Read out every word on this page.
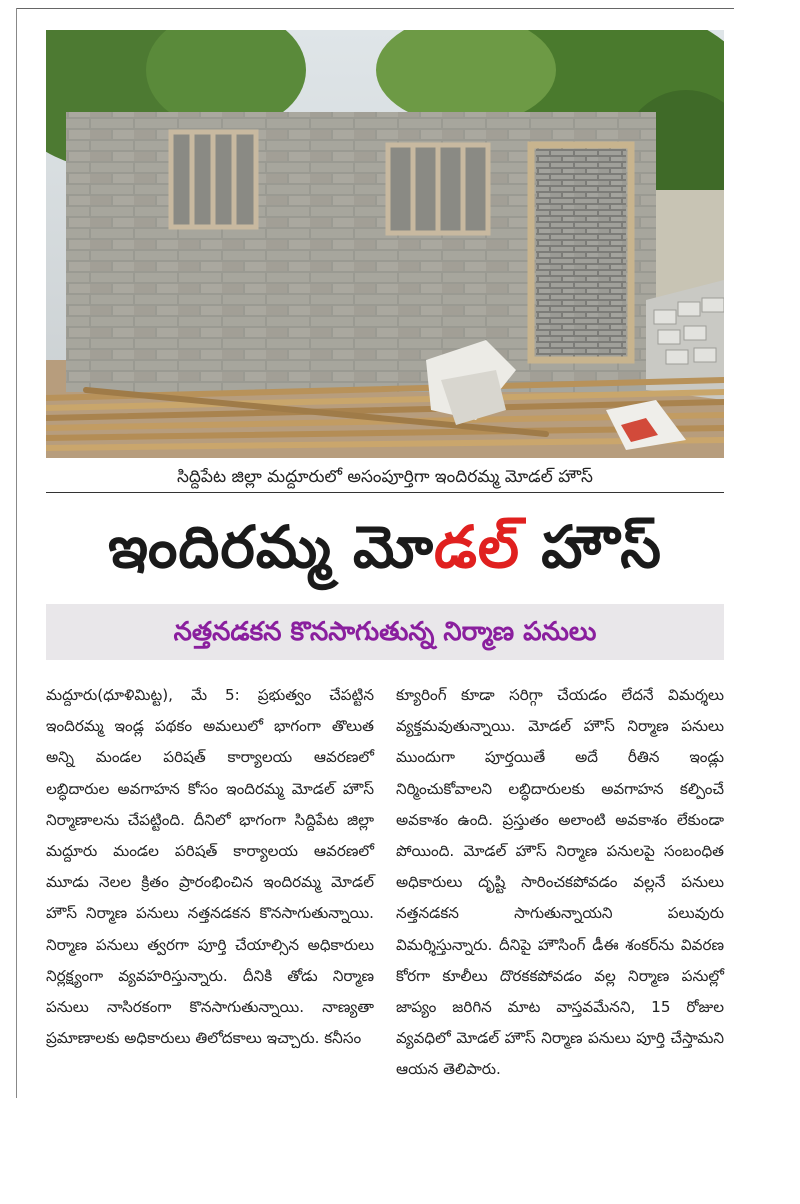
సిద్దిపేట జిల్లా మద్దూరులో అసంపూర్తిగా ఇందిరమ్మ మోడల్ హౌస్
ఇందిరమ్మ మోడల్ హౌస్
నత్తనడకన కొనసాగుతున్న నిర్మాణ పనులు

మద్దూరు(ధూళిమిట్ట), మే 5: ప్రభుత్వం చేపట్టిన ఇందిరమ్మ ఇండ్ల పథకం అమలులో భాగంగా తొలుత అన్ని మండల పరిషత్ కార్యాలయ ఆవరణలో లబ్ధిదారుల అవగాహన కోసం ఇందిరమ్మ మోడల్ హౌస్ నిర్మాణాలను చేపట్టింది. దీనిలో భాగంగా సిద్దిపేట జిల్లా మద్దూరు మండల పరిషత్ కార్యాలయ ఆవరణలో మూడు నెలల క్రితం ప్రారంభించిన ఇందిరమ్మ మోడల్ హౌస్ నిర్మాణ పనులు నత్తనడకన కొనసాగుతున్నాయి. నిర్మాణ పనులు త్వరగా పూర్తి చేయాల్సిన అధికారులు నిర్లక్ష్యంగా వ్యవహరిస్తున్నారు. దీనికి తోడు నిర్మాణ పనులు నాసిరకంగా కొనసాగుతున్నాయి. నాణ్యతా ప్రమాణాలకు అధికారులు తిలోదకాలు ఇచ్చారు. కనీసం

క్యూరింగ్ కూడా సరిగ్గా చేయడం లేదనే విమర్శలు వ్యక్తమవుతున్నాయి. మోడల్ హౌస్ నిర్మాణ పనులు ముందుగా పూర్తయితే అదే రీతిన ఇండ్లు నిర్మించుకోవాలని లబ్ధిదారులకు అవగాహన కల్పించే అవకాశం ఉంది. ప్రస్తుతం అలాంటి అవకాశం లేకుండా పోయింది. మోడల్ హౌస్ నిర్మాణ పనులపై సంబంధిత అధికారులు దృష్టి సారించకపోవడం వల్లనే పనులు నత్తనడకన సాగుతున్నాయని పలువురు విమర్శిస్తున్నారు. దీనిపై హౌసింగ్ డీఈ శంకర్‌ను వివరణ కోరగా కూలీలు దొరకకపోవడం వల్ల నిర్మాణ పనుల్లో జాప్యం జరిగిన మాట వాస్తవమేనని, 15 రోజుల వ్యవధిలో మోడల్ హౌస్ నిర్మాణ పనులు పూర్తి చేస్తామని ఆయన తెలిపారు.
